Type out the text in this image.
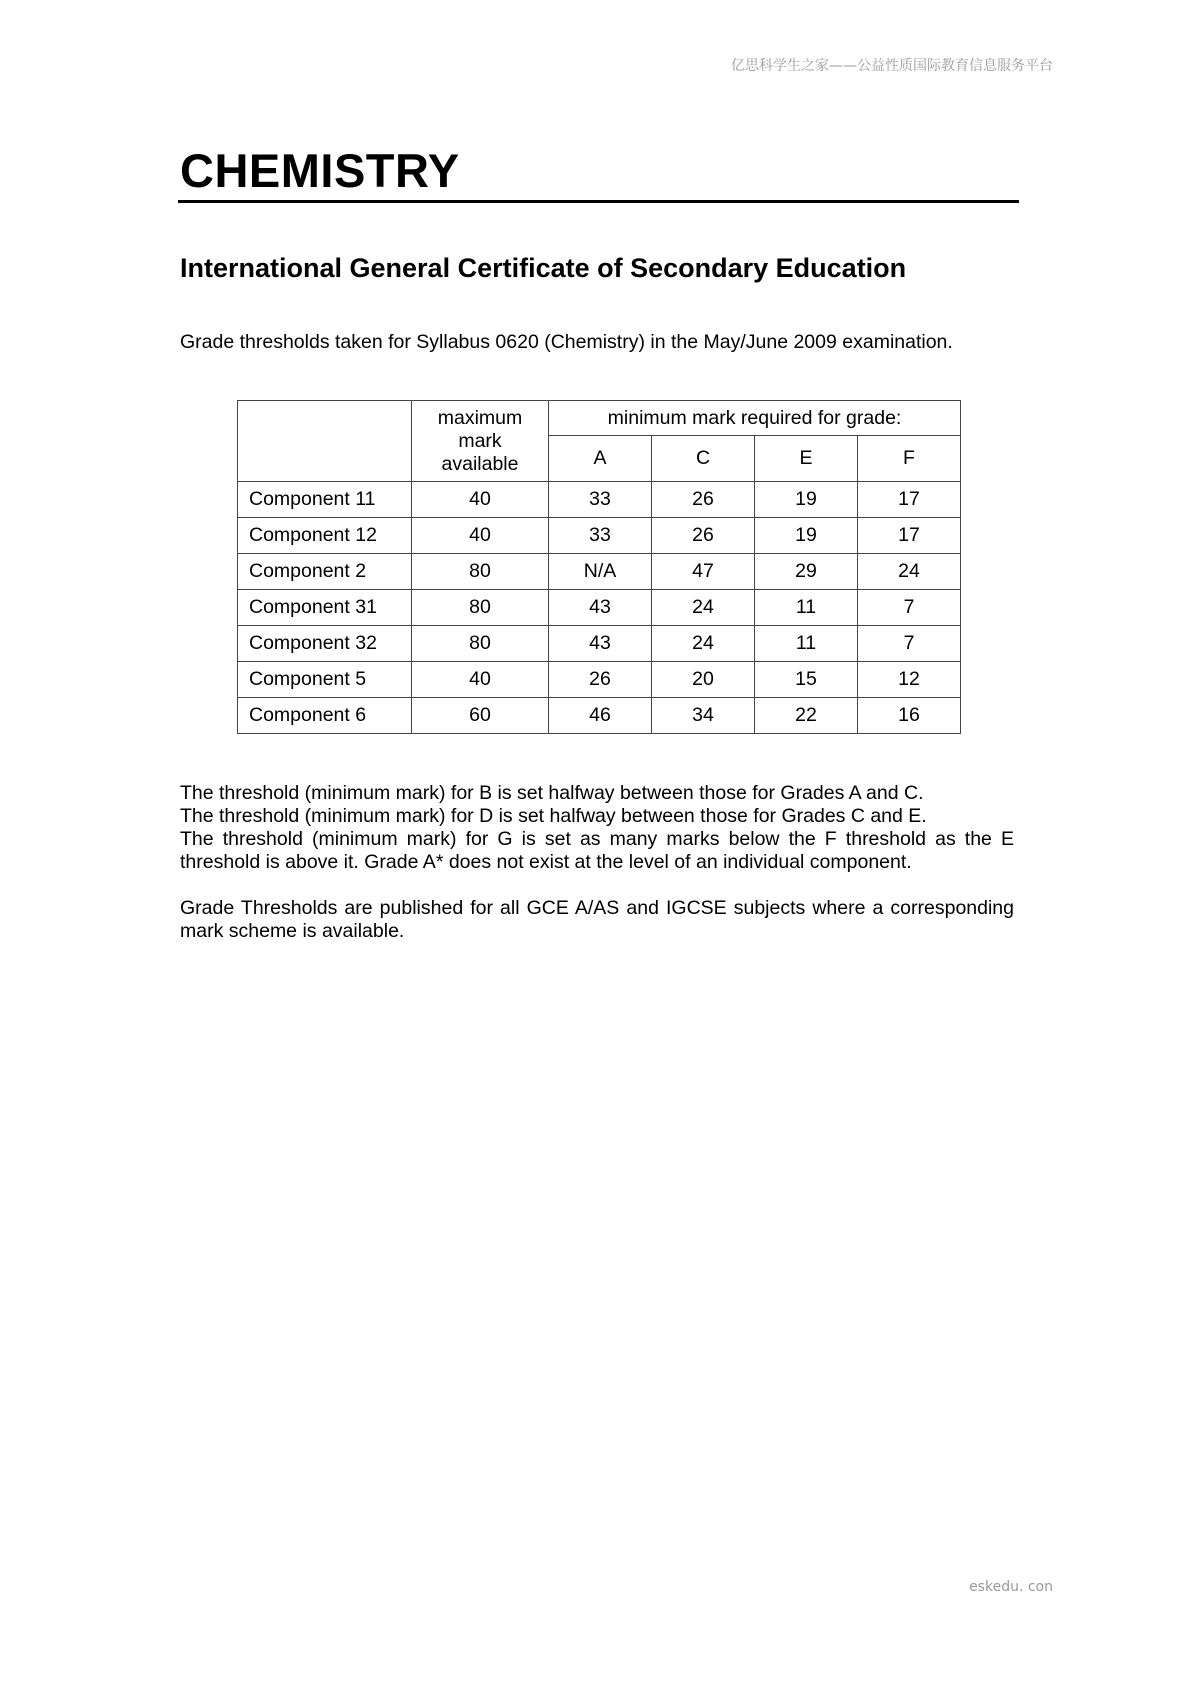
亿思科学生之家——公益性质国际教育信息服务平台
CHEMISTRY
International General Certificate of Secondary Education

Grade thresholds taken for Syllabus 0620 (Chemistry) in the May/June 2009 examination.

	maximum
mark
available	minimum mark required for grade:			
		A	C	E	F
Component 11	40	33	26	19	17
Component 12	40	33	26	19	17
Component 2	80	N/A	47	29	24
Component 31	80	43	24	11	7
Component 32	80	43	24	11	7
Component 5	40	26	20	15	12
Component 6	60	46	34	22	16

The threshold (minimum mark) for B is set halfway between those for Grades A and C.

The threshold (minimum mark) for D is set halfway between those for Grades C and E.

The threshold (minimum mark) for G is set as many marks below the F threshold as the E threshold is above it. Grade A* does not exist at the level of an individual component.

Grade Thresholds are published for all GCE A/AS and IGCSE subjects where a corresponding mark scheme is available.

eskedu. con
